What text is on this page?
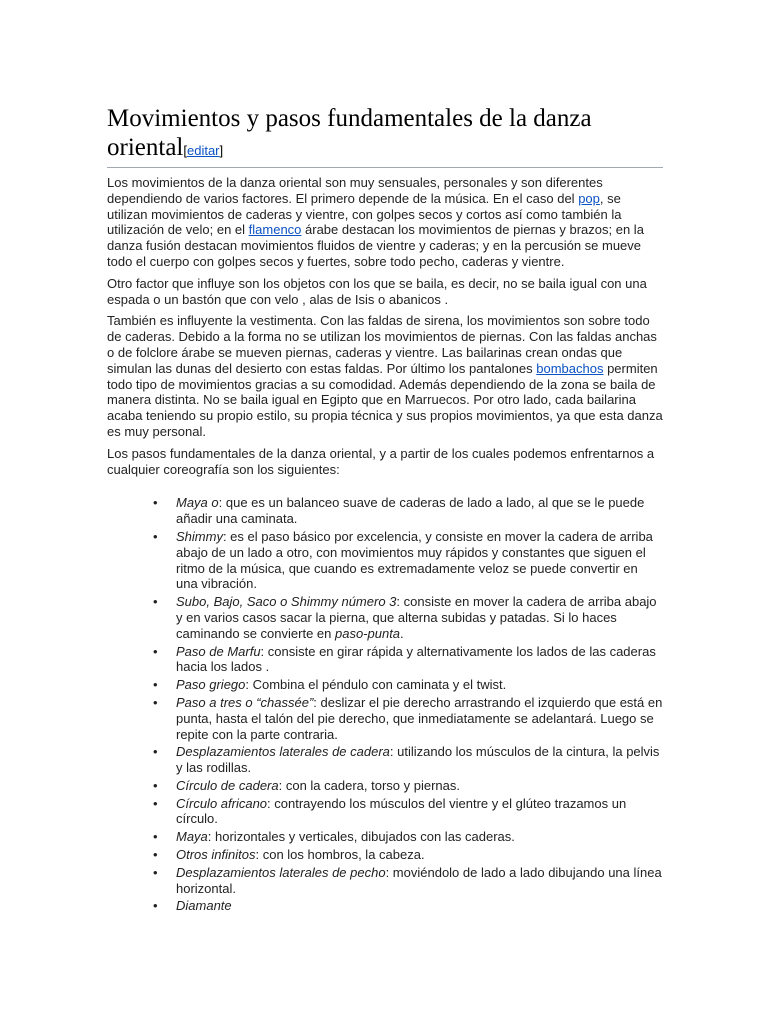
Movimientos y pasos fundamentales de la danza oriental[editar]

Los movimientos de la danza oriental son muy sensuales, personales y son diferentes dependiendo de varios factores. El primero depende de la música. En el caso del pop, se utilizan movimientos de caderas y vientre, con golpes secos y cortos así como también la utilización de velo; en el flamenco árabe destacan los movimientos de piernas y brazos; en la danza fusión destacan movimientos fluidos de vientre y caderas; y en la percusión se mueve todo el cuerpo con golpes secos y fuertes, sobre todo pecho, caderas y vientre.

Otro factor que influye son los objetos con los que se baila, es decir, no se baila igual con una espada o un bastón que con velo , alas de Isis o abanicos .

También es influyente la vestimenta. Con las faldas de sirena, los movimientos son sobre todo de caderas. Debido a la forma no se utilizan los movimientos de piernas. Con las faldas anchas o de folclore árabe se mueven piernas, caderas y vientre. Las bailarinas crean ondas que simulan las dunas del desierto con estas faldas. Por último los pantalones bombachos permiten todo tipo de movimientos gracias a su comodidad. Además dependiendo de la zona se baila de manera distinta. No se baila igual en Egipto que en Marruecos. Por otro lado, cada bailarina acaba teniendo su propio estilo, su propia técnica y sus propios movimientos, ya que esta danza es muy personal.

Los pasos fundamentales de la danza oriental, y a partir de los cuales podemos enfrentarnos a cualquier coreografía son los siguientes:

• Maya o: que es un balanceo suave de caderas de lado a lado, al que se le puede añadir una caminata.
• Shimmy: es el paso básico por excelencia, y consiste en mover la cadera de arriba abajo de un lado a otro, con movimientos muy rápidos y constantes que siguen el ritmo de la música, que cuando es extremadamente veloz se puede convertir en una vibración.
• Subo, Bajo, Saco o Shimmy número 3: consiste en mover la cadera de arriba abajo y en varios casos sacar la pierna, que alterna subidas y patadas. Si lo haces caminando se convierte en paso-punta.
• Paso de Marfu: consiste en girar rápida y alternativamente los lados de las caderas hacia los lados .
• Paso griego: Combina el péndulo con caminata y el twist.
• Paso a tres o “chassée”: deslizar el pie derecho arrastrando el izquierdo que está en punta, hasta el talón del pie derecho, que inmediatamente se adelantará. Luego se repite con la parte contraria.
• Desplazamientos laterales de cadera: utilizando los músculos de la cintura, la pelvis y las rodillas.
• Círculo de cadera: con la cadera, torso y piernas.
• Círculo africano: contrayendo los músculos del vientre y el glúteo trazamos un círculo.
• Maya: horizontales y verticales, dibujados con las caderas.
• Otros infinitos: con los hombros, la cabeza.
• Desplazamientos laterales de pecho: moviéndolo de lado a lado dibujando una línea horizontal.
• Diamante
